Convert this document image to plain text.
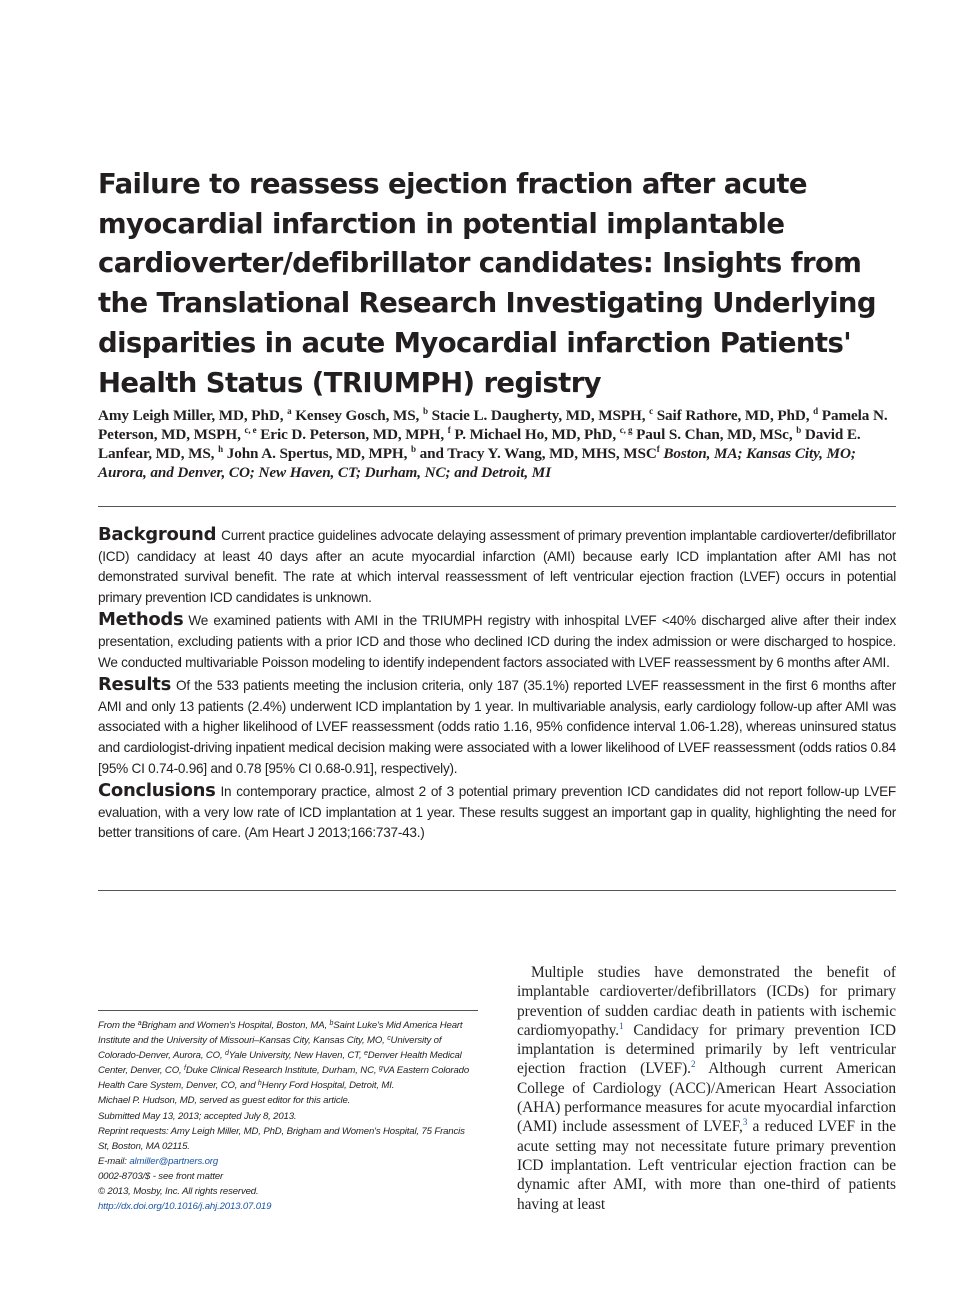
Failure to reassess ejection fraction after acute myocardial infarction in potential implantable cardioverter/defibrillator candidates: Insights from the Translational Research Investigating Underlying disparities in acute Myocardial infarction Patients' Health Status (TRIUMPH) registry
Amy Leigh Miller, MD, PhD, $^a$ Kensey Gosch, MS, $^b$ Stacie L. Daugherty, MD, MSPH, $^c$ Saif Rathore, MD, PhD, $^d$ Pamela N. Peterson, MD, MSPH, $^{c, e}$ Eric D. Peterson, MD, MPH, $^f$ P. Michael Ho, MD, PhD, $^{c, g}$ Paul S. Chan, MD, MSc, $^b$ David E. Lanfear, MD, MS, $^h$ John A. Spertus, MD, MPH, $^b$ and Tracy Y. Wang, MD, MHS, MSC$^f$ Boston, MA; Kansas City, MO; Aurora, and Denver, CO; New Haven, CT; Durham, NC; and Detroit, MI

Background Current practice guidelines advocate delaying assessment of primary prevention implantable cardioverter/defibrillator (ICD) candidacy at least 40 days after an acute myocardial infarction (AMI) because early ICD implantation after AMI has not demonstrated survival benefit. The rate at which interval reassessment of left ventricular ejection fraction (LVEF) occurs in potential primary prevention ICD candidates is unknown.

Methods We examined patients with AMI in the TRIUMPH registry with inhospital LVEF <40% discharged alive after their index presentation, excluding patients with a prior ICD and those who declined ICD during the index admission or were discharged to hospice. We conducted multivariable Poisson modeling to identify independent factors associated with LVEF reassessment by 6 months after AMI.

Results Of the 533 patients meeting the inclusion criteria, only 187 (35.1%) reported LVEF reassessment in the first 6 months after AMI and only 13 patients (2.4%) underwent ICD implantation by 1 year. In multivariable analysis, early cardiology follow-up after AMI was associated with a higher likelihood of LVEF reassessment (odds ratio 1.16, 95% confidence interval 1.06-1.28), whereas uninsured status and cardiologist-driving inpatient medical decision making were associated with a lower likelihood of LVEF reassessment (odds ratios 0.84 [95% CI 0.74-0.96] and 0.78 [95% CI 0.68-0.91], respectively).

Conclusions In contemporary practice, almost 2 of 3 potential primary prevention ICD candidates did not report follow-up LVEF evaluation, with a very low rate of ICD implantation at 1 year. These results suggest an important gap in quality, highlighting the need for better transitions of care. (Am Heart J 2013;166:737-43.)

From the $^a$Brigham and Women's Hospital, Boston, MA, $^b$Saint Luke's Mid America Heart Institute and the University of Missouri–Kansas City, Kansas City, MO, $^c$University of Colorado-Denver, Aurora, CO, $^d$Yale University, New Haven, CT, $^e$Denver Health Medical Center, Denver, CO, $^f$Duke Clinical Research Institute, Durham, NC, $^g$VA Eastern Colorado Health Care System, Denver, CO, and $^h$Henry Ford Hospital, Detroit, MI.

Michael P. Hudson, MD, served as guest editor for this article.

Submitted May 13, 2013; accepted July 8, 2013.

Reprint requests: Amy Leigh Miller, MD, PhD, Brigham and Women's Hospital, 75 Francis St, Boston, MA 02115.

E-mail: almiller@partners.org

0002-8703/$ - see front matter

© 2013, Mosby, Inc. All rights reserved.

http://dx.doi.org/10.1016/j.ahj.2013.07.019

Multiple studies have demonstrated the benefit of implantable cardioverter/defibrillators (ICDs) for primary prevention of sudden cardiac death in patients with ischemic cardiomyopathy.$^1$ Candidacy for primary prevention ICD implantation is determined primarily by left ventricular ejection fraction (LVEF).$^2$ Although current American College of Cardiology (ACC)/American Heart Association (AHA) performance measures for acute myocardial infarction (AMI) include assessment of LVEF,$^3$ a reduced LVEF in the acute setting may not necessitate future primary prevention ICD implantation. Left ventricular ejection fraction can be dynamic after AMI, with more than one-third of patients having at least
